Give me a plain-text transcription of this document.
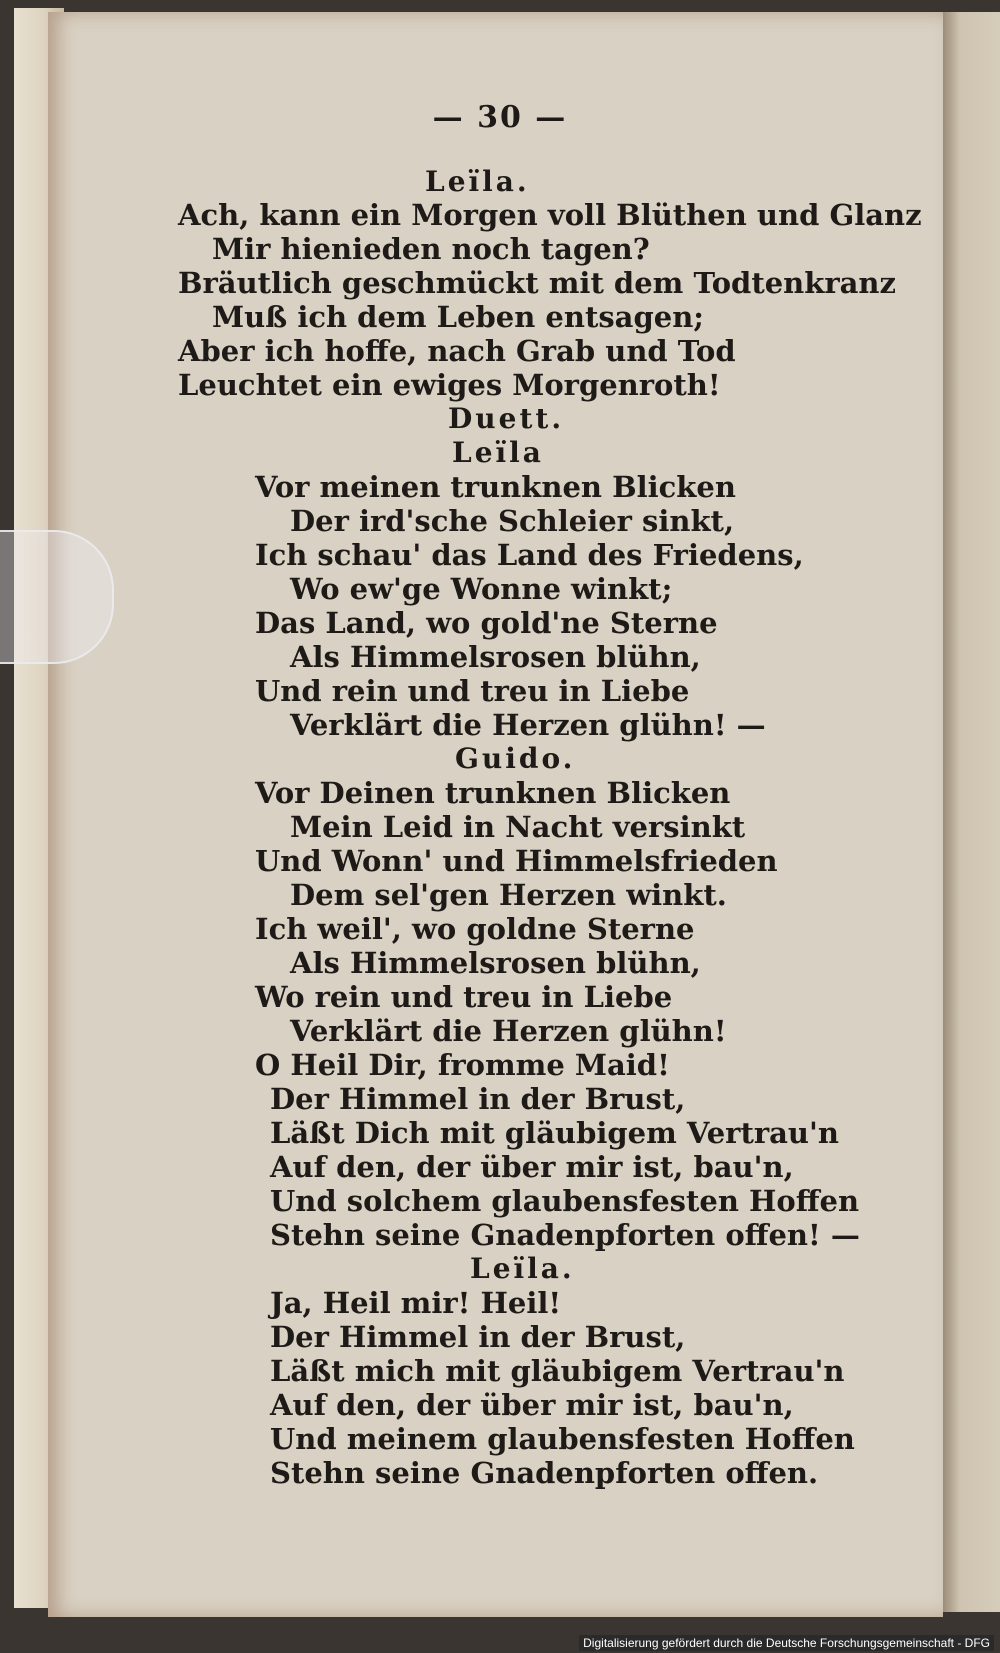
— 30 —
Leïla.
Ach, kann ein Morgen voll Blüthen und Glanz
Mir hienieden noch tagen?
Bräutlich geschmückt mit dem Todtenkranz
Muß ich dem Leben entsagen;
Aber ich hoffe, nach Grab und Tod
Leuchtet ein ewiges Morgenroth!
Duett.
Leïla
Vor meinen trunknen Blicken
Der ird'sche Schleier sinkt,
Ich schau' das Land des Friedens,
Wo ew'ge Wonne winkt;
Das Land, wo gold'ne Sterne
Als Himmelsrosen blühn,
Und rein und treu in Liebe
Verklärt die Herzen glühn! —
Guido.
Vor Deinen trunknen Blicken
Mein Leid in Nacht versinkt
Und Wonn' und Himmelsfrieden
Dem sel'gen Herzen winkt.
Ich weil', wo goldne Sterne
Als Himmelsrosen blühn,
Wo rein und treu in Liebe
Verklärt die Herzen glühn!
O Heil Dir, fromme Maid!
Der Himmel in der Brust,
Läßt Dich mit gläubigem Vertrau'n
Auf den, der über mir ist, bau'n,
Und solchem glaubensfesten Hoffen
Stehn seine Gnadenpforten offen! —
Leïla.
Ja, Heil mir! Heil!
Der Himmel in der Brust,
Läßt mich mit gläubigem Vertrau'n
Auf den, der über mir ist, bau'n,
Und meinem glaubensfesten Hoffen
Stehn seine Gnadenpforten offen.
Digitalisierung gefördert durch die Deutsche Forschungsgemeinschaft - DFG
